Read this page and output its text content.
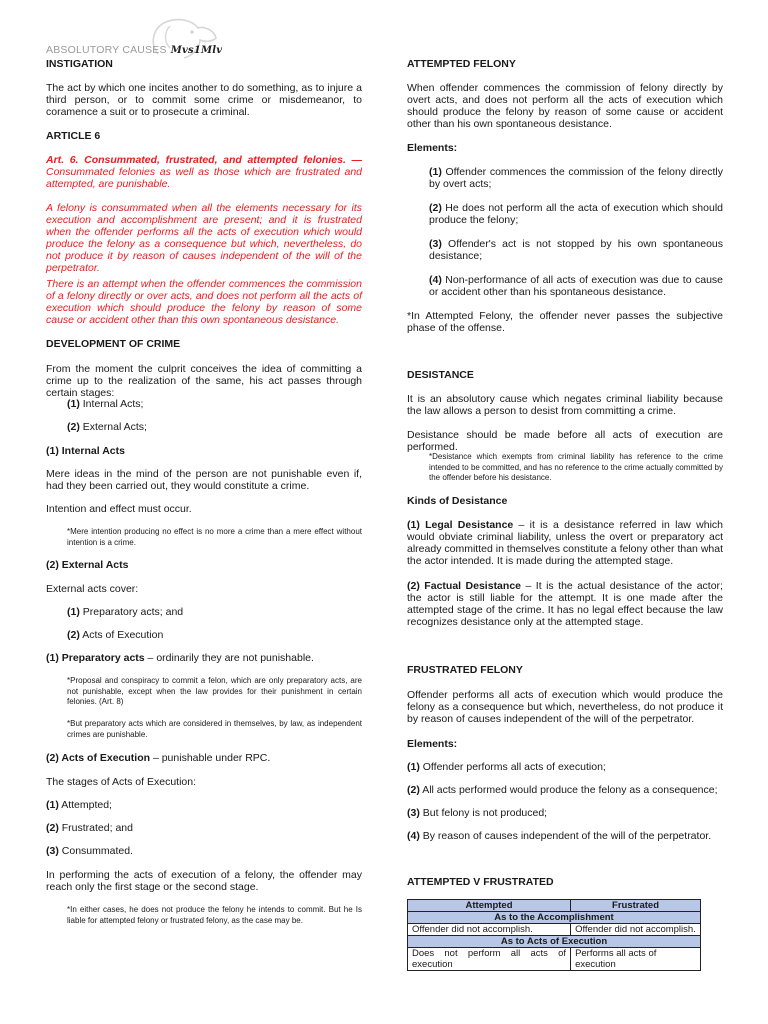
ABSOLUTORY CAUSES Mvs1Mlv

INSTIGATION

The act by which one incites another to do something, as to injure a third person, or to commit some crime or misdemeanor, to coramence a suit or to prosecute a criminal.

ARTICLE 6

Art. 6. Consummated, frustrated, and attempted felonies. — Consummated felonies as well as those which are frustrated and attempted, are punishable.

A felony is consummated when all the elements necessary for its execution and accomplishment are present; and it is frustrated when the offender performs all the acts of execution which would produce the felony as a consequence but which, nevertheless, do not produce it by reason of causes independent of the will of the perpetrator.

There is an attempt when the offender commences the commission of a felony directly or over acts, and does not perform all the acts of execution which should produce the felony by reason of some cause or accident other than this own spontaneous desistance.

DEVELOPMENT OF CRIME

From the moment the culprit conceives the idea of committing a crime up to the realization of the same, his act passes through certain stages:

(1) Internal Acts;

(2) External Acts;

(1) Internal Acts

Mere ideas in the mind of the person are not punishable even if, had they been carried out, they would constitute a crime.

Intention and effect must occur.

*Mere intention producing no effect is no more a crime than a mere effect without intention is a crime.

(2) External Acts

External acts cover:

(1) Preparatory acts; and

(2) Acts of Execution

(1) Preparatory acts – ordinarily they are not punishable.

*Proposal and conspiracy to commit a felon, which are only preparatory acts, are not punishable, except when the law provides for their punishment in certain felonies. (Art. 8)

*But preparatory acts which are considered in themselves, by law, as independent crimes are punishable.

(2) Acts of Execution – punishable under RPC.

The stages of Acts of Execution:

(1) Attempted;

(2) Frustrated; and

(3) Consummated.

In performing the acts of execution of a felony, the offender may reach only the first stage or the second stage.

*In either cases, he does not produce the felony he intends to commit. But he Is liable for attempted felony or frustrated felony, as the case may be.

ATTEMPTED FELONY

When offender commences the commission of felony directly by overt acts, and does not perform all the acts of execution which should produce the felony by reason of some cause or accident other than his own spontaneous desistance.

Elements:

(1) Offender commences the commission of the felony directly by overt acts;

(2) He does not perform all the acta of execution which should produce the felony;

(3) Offender's act is not stopped by his own spontaneous desistance;

(4) Non-performance of all acts of execution was due to cause or accident other than his spontaneous desistance.

*In Attempted Felony, the offender never passes the subjective phase of the offense.

DESISTANCE

It is an absolutory cause which negates criminal liability because the law allows a person to desist from committing a crime.

Desistance should be made before all acts of execution are performed.

*Desistance which exempts from criminal liability has reference to the crime intended to be committed, and has no reference to the crime actually committed by the offender before his desistance.

Kinds of Desistance

(1) Legal Desistance – it is a desistance referred in law which would obviate criminal liability, unless the overt or preparatory act already committed in themselves constitute a felony other than what the actor intended. It is made during the attempted stage.

(2) Factual Desistance – It is the actual desistance of the actor; the actor is still liable for the attempt. It is one made after the attempted stage of the crime. It has no legal effect because the law recognizes desistance only at the attempted stage.

FRUSTRATED FELONY

Offender performs all acts of execution which would produce the felony as a consequence but which, nevertheless, do not produce it by reason of causes independent of the will of the perpetrator.

Elements:

(1) Offender performs all acts of execution;

(2) All acts performed would produce the felony as a consequence;

(3) But felony is not produced;

(4) By reason of causes independent of the will of the perpetrator.

ATTEMPTED V FRUSTRATED

Attempted	Frustrated
As to the Accomplishment	
Offender did not accomplish.	Offender did not accomplish.
As to Acts of Execution	
Does not perform all acts of execution	Performs all acts of execution
